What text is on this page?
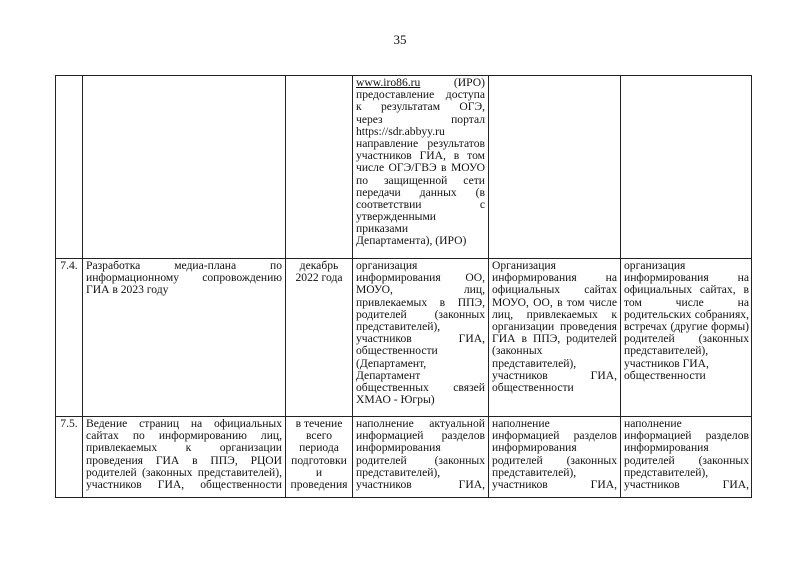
35
www.iro86.ru (ИРО)
предоставление доступа
к результатам ОГЭ,
через портал
https://sdr.abbyy.ru
направление результатов
участников ГИА, в том
числе ОГЭ/ГВЭ в МОУО
по защищенной сети
передачи данных (в
соответствии с
утвержденными
приказами
Департамента), (ИРО)
7.4. Разработка медиа-плана по
информационному сопровождению
ГИА в 2023 году
декабрь
2022 года
организация
информирования ОО,
МОУО, лиц,
привлекаемых в ППЭ,
родителей (законных
представителей),
участников ГИА,
общественности
(Департамент,
Департамент
общественных связей
ХМАО - Югры)
Организация
информирования на
официальных сайтах
МОУО, ОО, в том числе
лиц, привлекаемых к
организации проведения
ГИА в ППЭ, родителей
(законных
представителей),
участников ГИА,
общественности
организация
информирования на
официальных сайтах, в
том числе на
родительских собраниях,
встречах (другие формы)
родителей (законных
представителей),
участников ГИА,
общественности
7.5. Ведение страниц на официальных
сайтах по информированию лиц,
привлекаемых к организации
проведения ГИА в ППЭ, РЦОИ
родителей (законных представителей),
участников ГИА, общественности
в течение
всего
периода
подготовки
и
проведения
наполнение актуальной
информацией разделов
информирования
родителей (законных
представителей),
участников ГИА,
наполнение
информацией разделов
информирования
родителей (законных
представителей),
участников ГИА,
наполнение
информацией разделов
информирования
родителей (законных
представителей),
участников ГИА,
